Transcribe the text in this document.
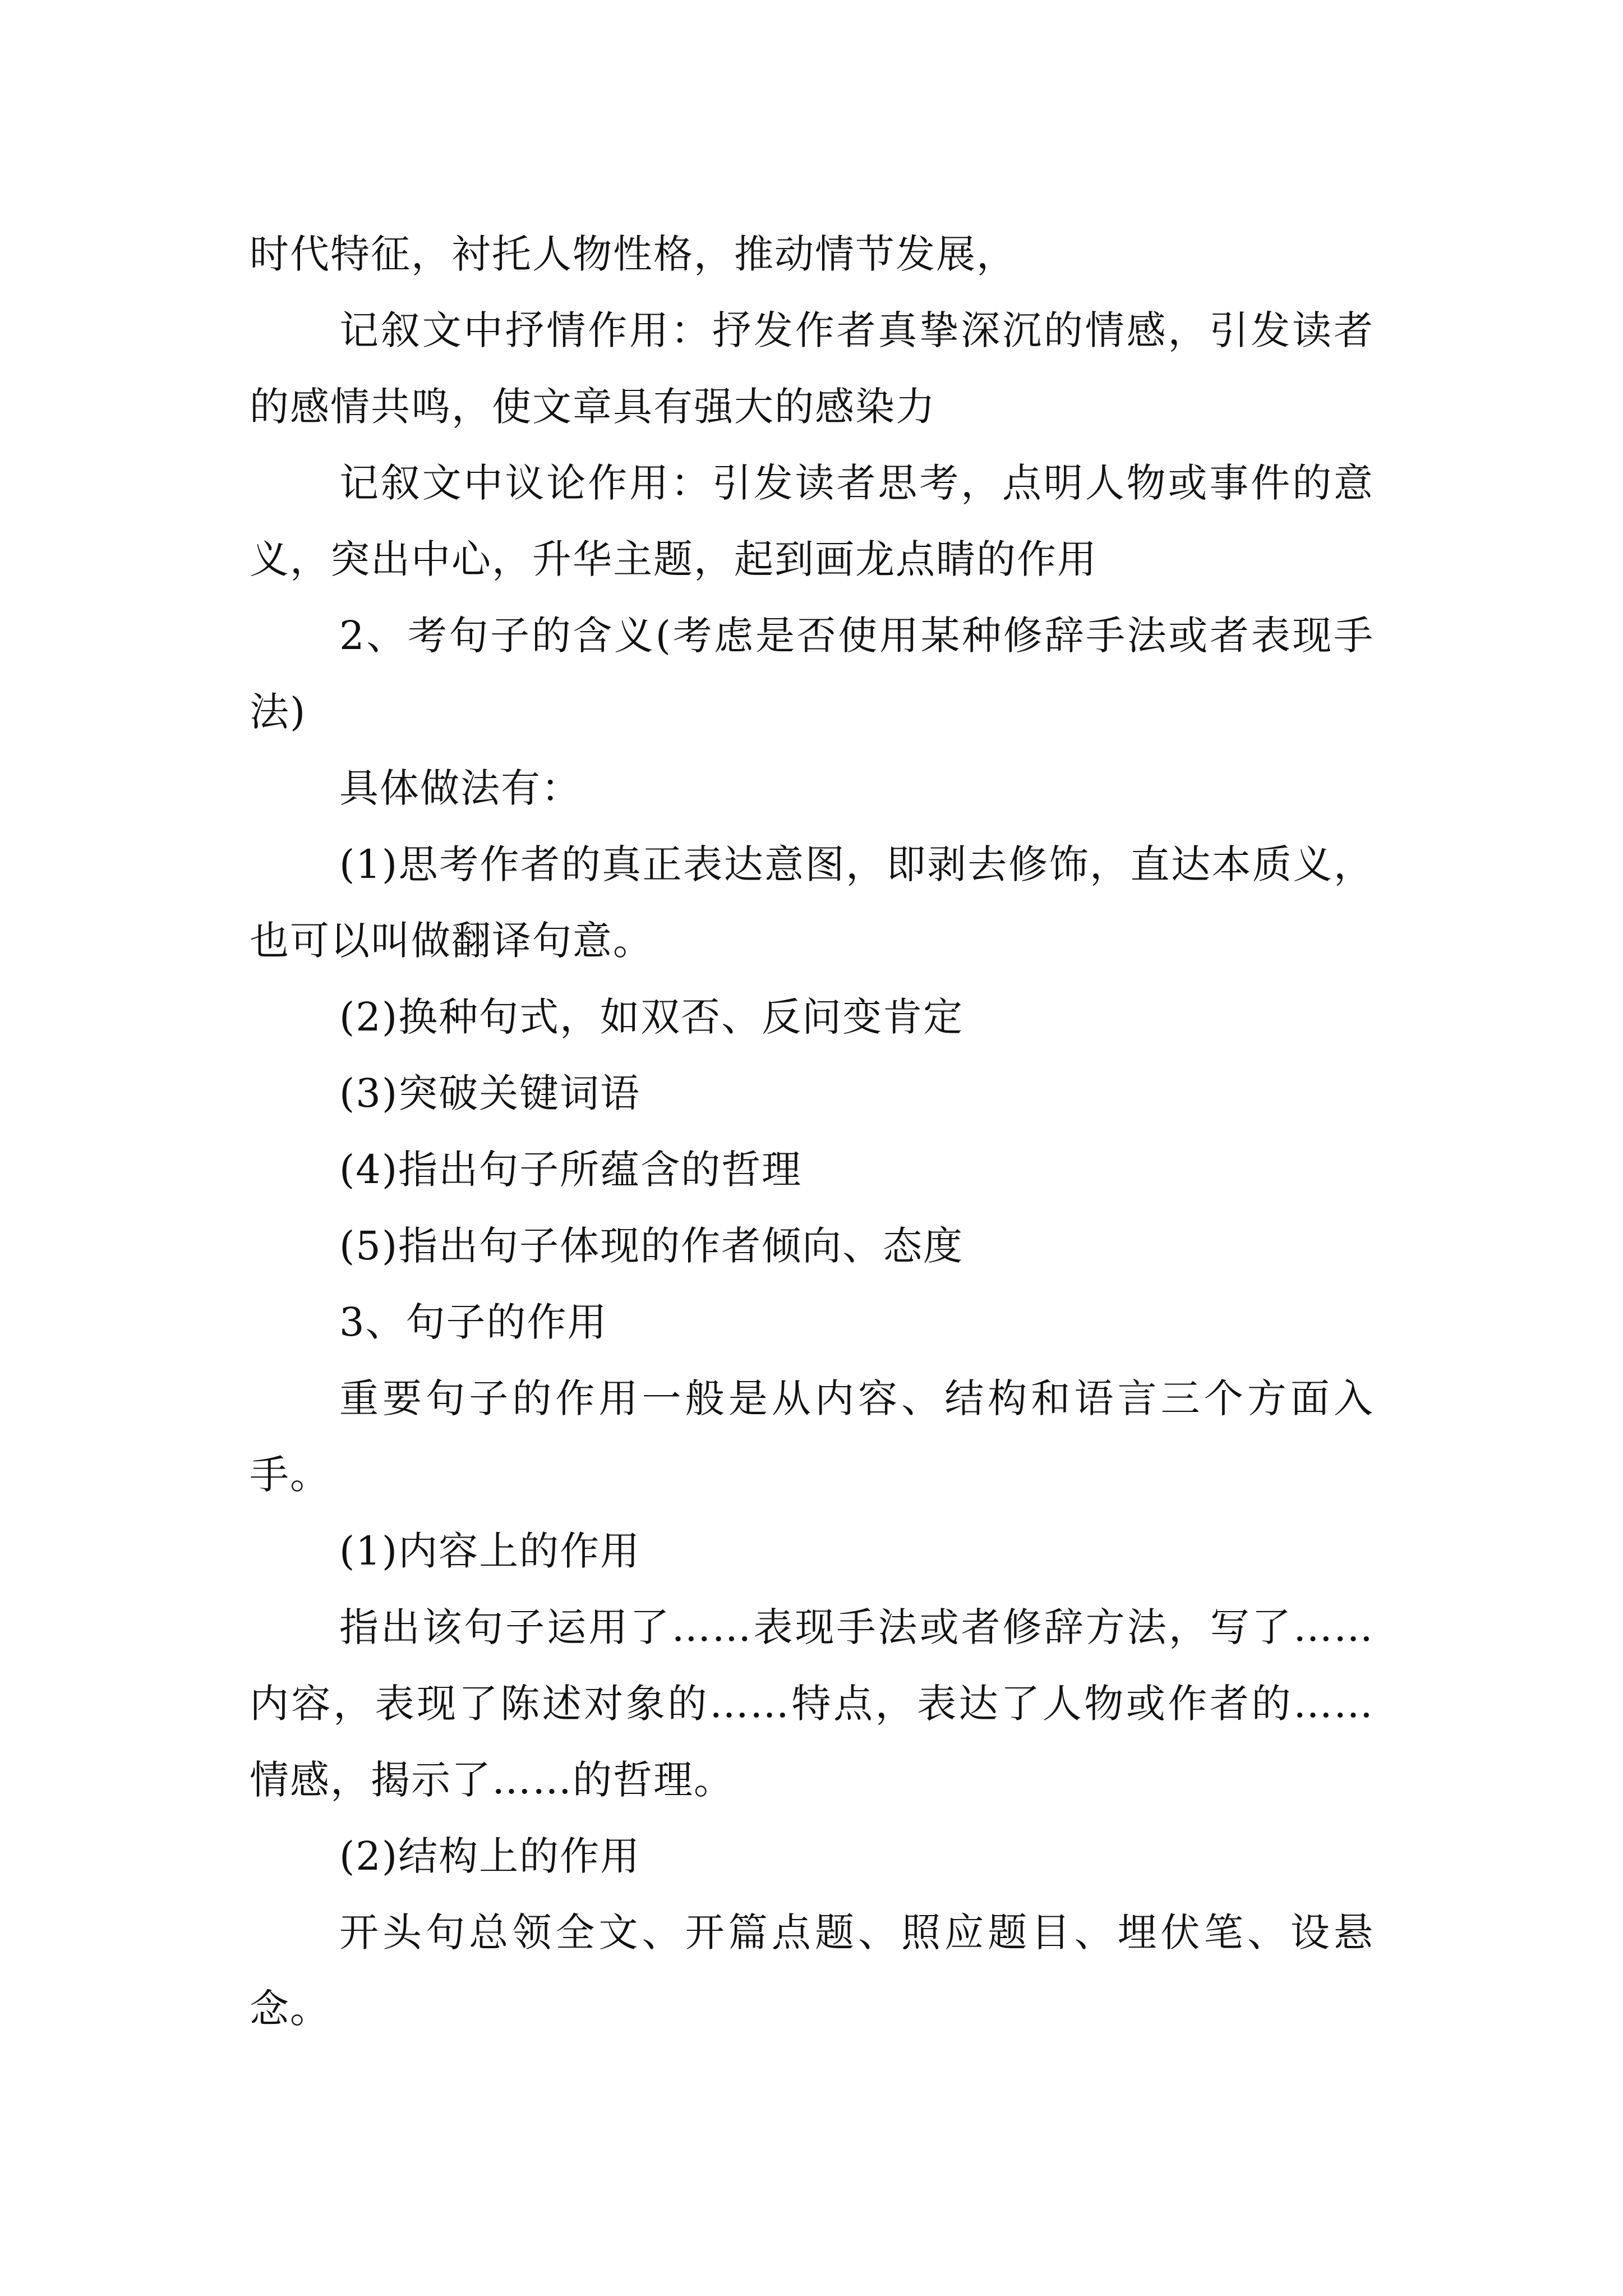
时代特征，衬托人物性格，推动情节发展，

记叙文中抒情作用：抒发作者真挚深沉的情感，引发读者的感情共鸣，使文章具有强大的感染力

记叙文中议论作用：引发读者思考，点明人物或事件的意义，突出中心，升华主题，起到画龙点睛的作用

2、考句子的含义(考虑是否使用某种修辞手法或者表现手法)

具体做法有：

(1)思考作者的真正表达意图，即剥去修饰，直达本质义，也可以叫做翻译句意。

(2)换种句式，如双否、反问变肯定

(3)突破关键词语

(4)指出句子所蕴含的哲理

(5)指出句子体现的作者倾向、态度

3、句子的作用

重要句子的作用一般是从内容、结构和语言三个方面入手。

(1)内容上的作用

指出该句子运用了……表现手法或者修辞方法，写了……内容，表现了陈述对象的……特点，表达了人物或作者的……情感，揭示了……的哲理。

(2)结构上的作用

开头句总领全文、开篇点题、照应题目、埋伏笔、设悬念。
